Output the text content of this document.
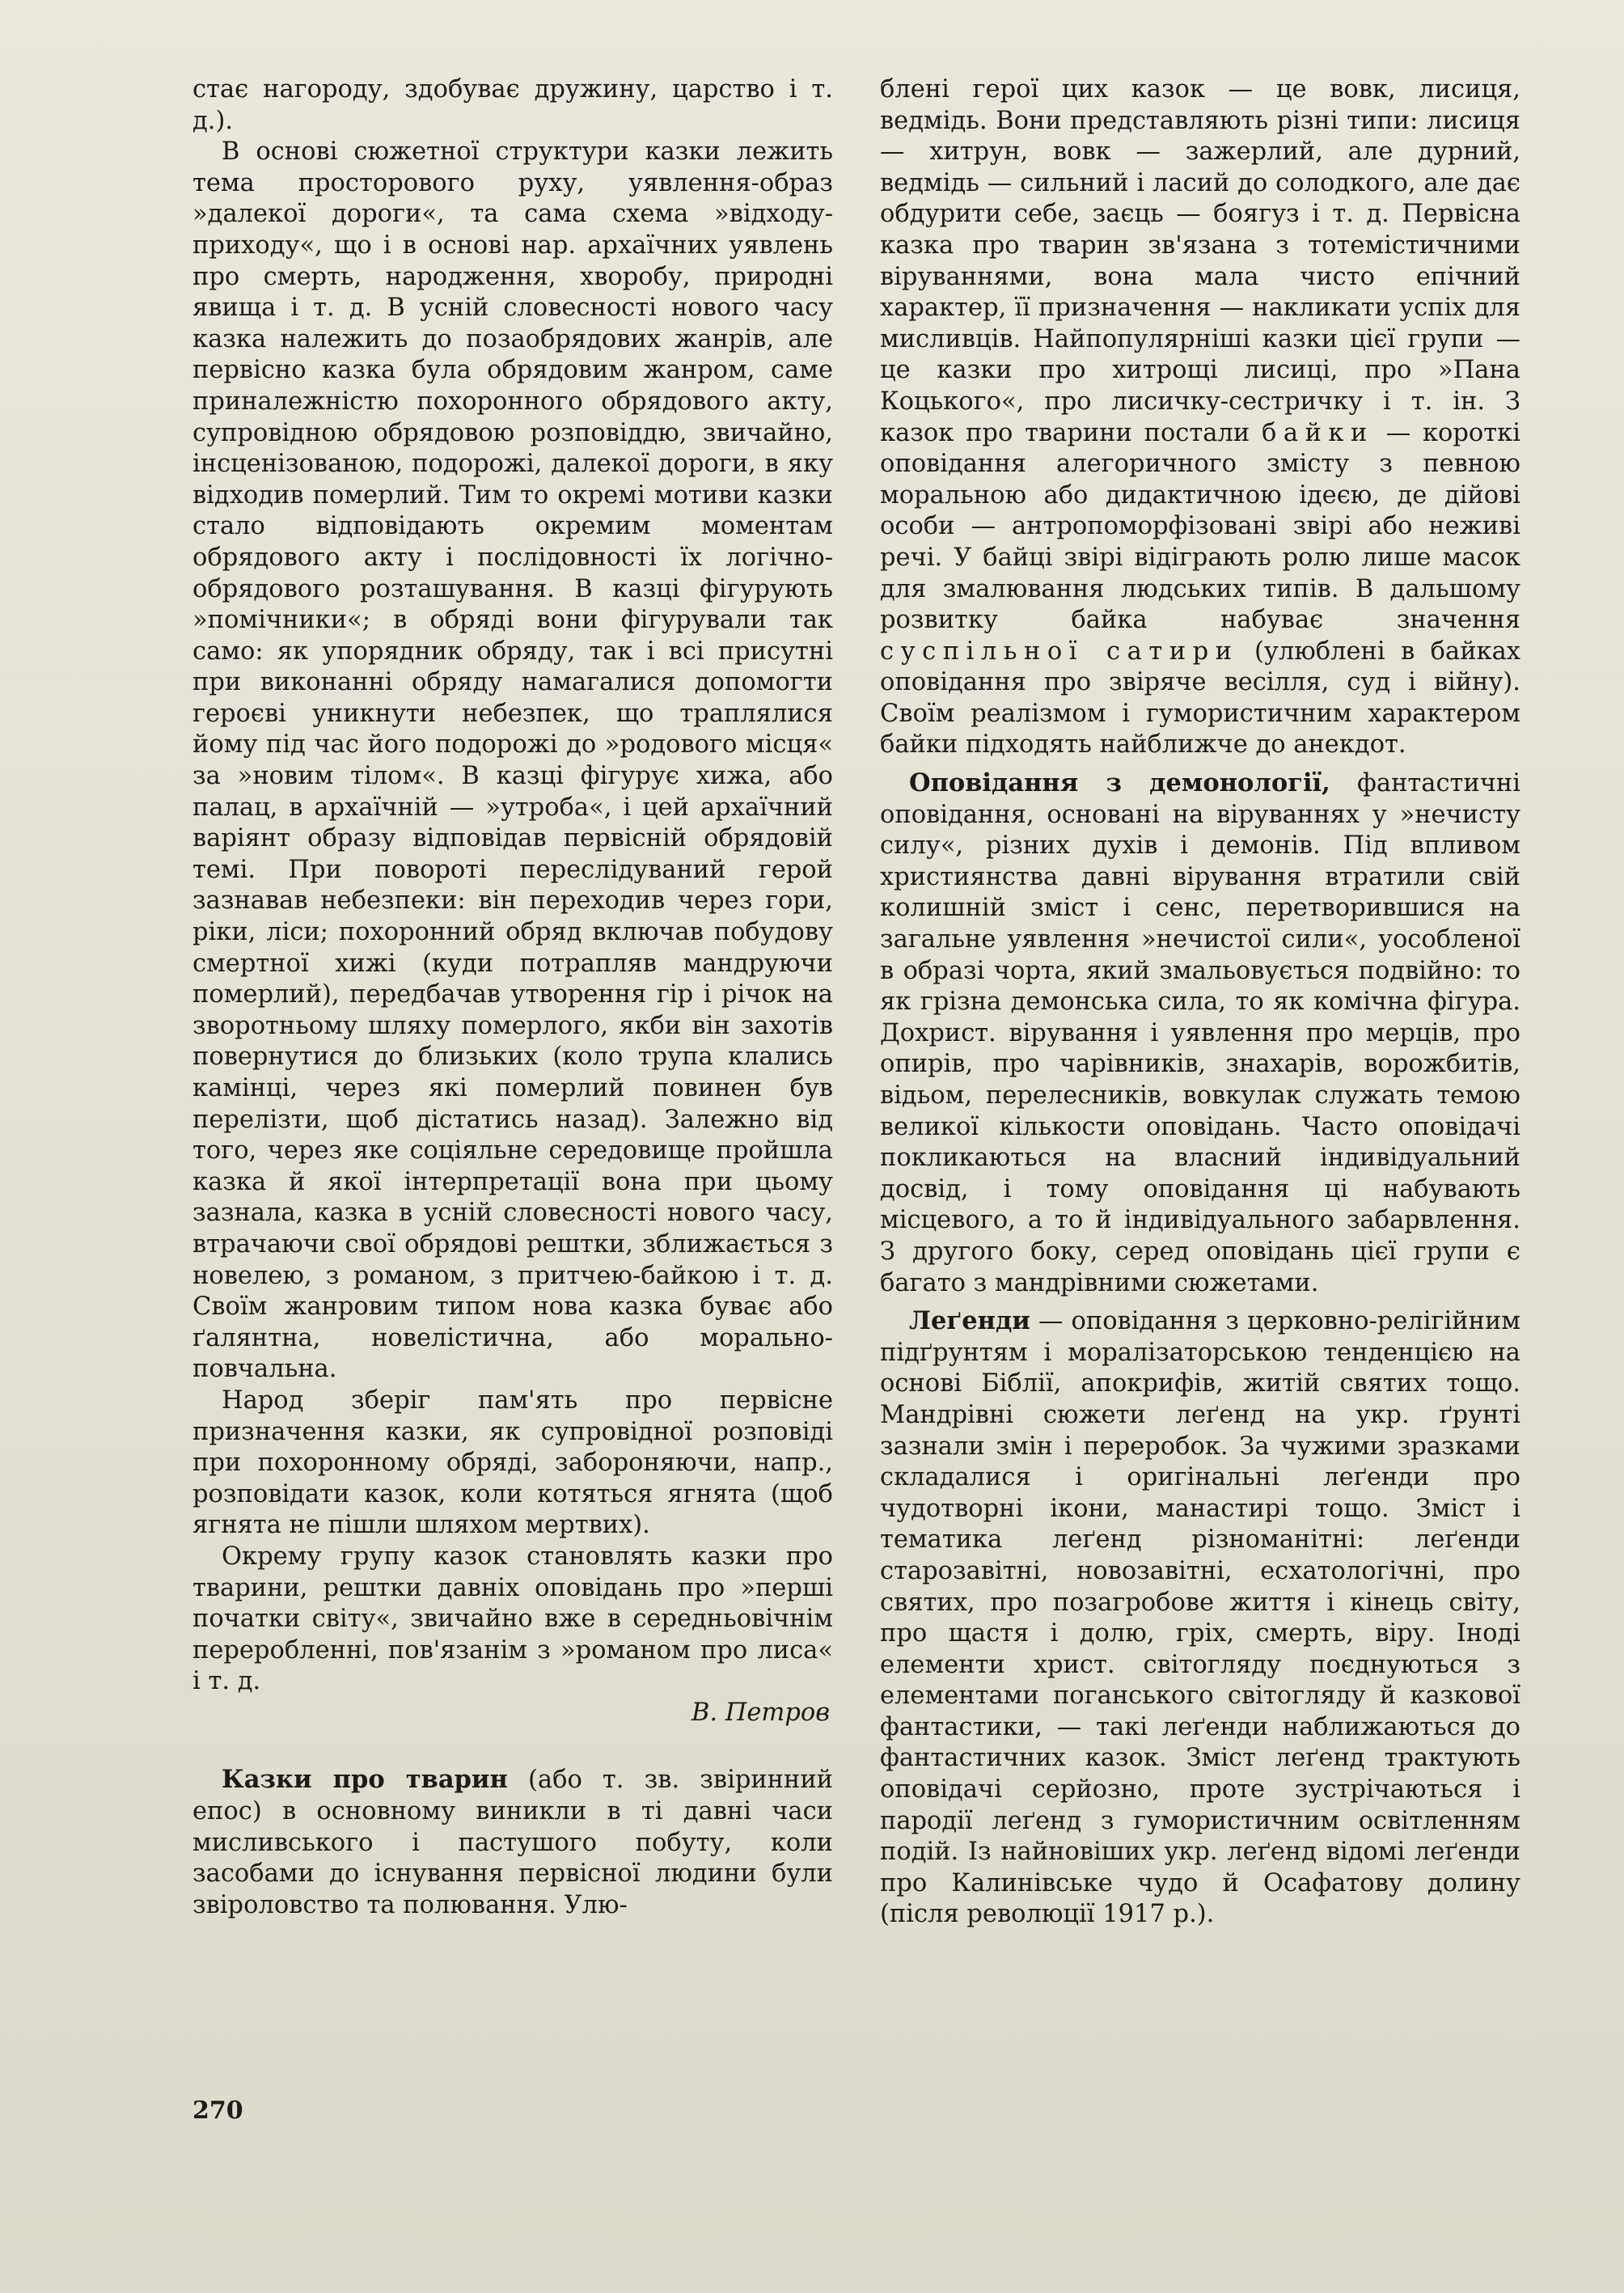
стає нагороду, здобуває дружину, царство і т. д.).

В основі сюжетної структури казки лежить тема просторового руху, уявлення-образ »далекої дороги«, та сама схема »відходу-приходу«, що і в основі нар. архаїчних уявлень про смерть, народження, хворобу, природні явища і т. д. В усній словесності нового часу казка належить до позаобрядових жанрів, але первісно казка була обрядовим жанром, саме приналежністю похоронного обрядового акту, супровідною обрядовою розповіддю, звичайно, інсценізованою, подорожі, далекої дороги, в яку відходив померлий. Тим то окремі мотиви казки стало відповідають окремим моментам обрядового акту і послідовності їх логічно-обрядового розташування. В казці фігурують »помічники«; в обряді вони фігурували так само: як упорядник обряду, так і всі присутні при виконанні обряду намагалися допомогти героєві уникнути небезпек, що траплялися йому під час його подорожі до »родового місця« за »новим тілом«. В казці фігурує хижа, або палац, в архаїчній — »утроба«, і цей архаїчний варіянт образу відповідав первісній обрядовій темі. При повороті переслідуваний герой зазнавав небезпеки: він переходив через гори, ріки, ліси; похоронний обряд включав побудову смертної хижі (куди потрапляв мандруючи померлий), передбачав утворення гір і річок на зворотньому шляху померлого, якби він захотів повернутися до близьких (коло трупа клались камінці, через які померлий повинен був перелізти, щоб дістатись назад). Залежно від того, через яке соціяльне середовище пройшла казка й якої інтерпретації вона при цьому зазнала, казка в усній словесності нового часу, втрачаючи свої обрядові рештки, зближається з новелею, з романом, з притчею-байкою і т. д. Своїм жанровим типом нова казка буває або ґалянтна, новелістична, або морально-повчальна.

Народ зберіг пам'ять про первісне призначення казки, як супровідної розповіді при похоронному обряді, забороняючи, напр., розповідати казок, коли котяться ягнята (щоб ягнята не пішли шляхом мертвих).

Окрему групу казок становлять казки про тварини, рештки давніх оповідань про »перші початки світу«, звичайно вже в середньовічнім переробленні, пов'язанім з »романом про лиса« і т. д.

В. Петров

Казки про тварин (або т. зв. звіринний епос) в основному виникли в ті давні часи мисливського і пастушого побуту, коли засобами до існування первісної людини були звіроловство та полювання. Улю-

блені герої цих казок — це вовк, лисиця, ведмідь. Вони представляють різні типи: лисиця — хитрун, вовк — зажерлий, але дурний, ведмідь — сильний і ласий до солодкого, але дає обдурити себе, заєць — боягуз і т. д. Первісна казка про тварин зв'язана з тотемістичними віруваннями, вона мала чисто епічний характер, її призначення — накликати успіх для мисливців. Найпопулярніші казки цієї групи — це казки про хитрощі лисиці, про »Пана Коцького«, про лисичку-сестричку і т. ін. З казок про тварини постали байки — короткі оповідання алегоричного змісту з певною моральною або дидактичною ідеєю, де дійові особи — антропоморфізовані звірі або неживі речі. У байці звірі відіграють ролю лише масок для змалювання людських типів. В дальшому розвитку байка набуває значення суспільної сатири (улюблені в байках оповідання про звіряче весілля, суд і війну). Своїм реалізмом і гумористичним характером байки підходять найближче до анекдот.

Оповідання з демонології, фантастичні оповідання, основані на віруваннях у »нечисту силу«, різних духів і демонів. Під впливом християнства давні вірування втратили свій колишній зміст і сенс, перетворившися на загальне уявлення »нечистої сили«, уособленої в образі чорта, який змальовується подвійно: то як грізна демонська сила, то як комічна фігура. Дохрист. вірування і уявлення про мерців, про опирів, про чарівників, знахарів, ворожбитів, відьом, перелесників, вовкулак служать темою великої кількости оповідань. Часто оповідачі покликаються на власний індивідуальний досвід, і тому оповідання ці набувають місцевого, а то й індивідуального забарвлення. З другого боку, серед оповідань цієї групи є багато з мандрівними сюжетами.

Леґенди — оповідання з церковно-релігійним підґрунтям і моралізаторською тенденцією на основі Біблії, апокрифів, житій святих тощо. Мандрівні сюжети леґенд на укр. ґрунті зазнали змін і переробок. За чужими зразками складалися і оригінальні леґенди про чудотворні ікони, манастирі тощо. Зміст і тематика леґенд різноманітні: леґенди старозавітні, новозавітні, есхатологічні, про святих, про позагробове життя і кінець світу, про щастя і долю, гріх, смерть, віру. Іноді елементи христ. світогляду поєднуються з елементами поганського світогляду й казкової фантастики, — такі леґенди наближаються до фантастичних казок. Зміст леґенд трактують оповідачі серйозно, проте зустрічаються і пародії леґенд з гумористичним освітленням подій. Із найновіших укр. леґенд відомі леґенди про Калинівське чудо й Осафатову долину (після революції 1917 р.).

270
